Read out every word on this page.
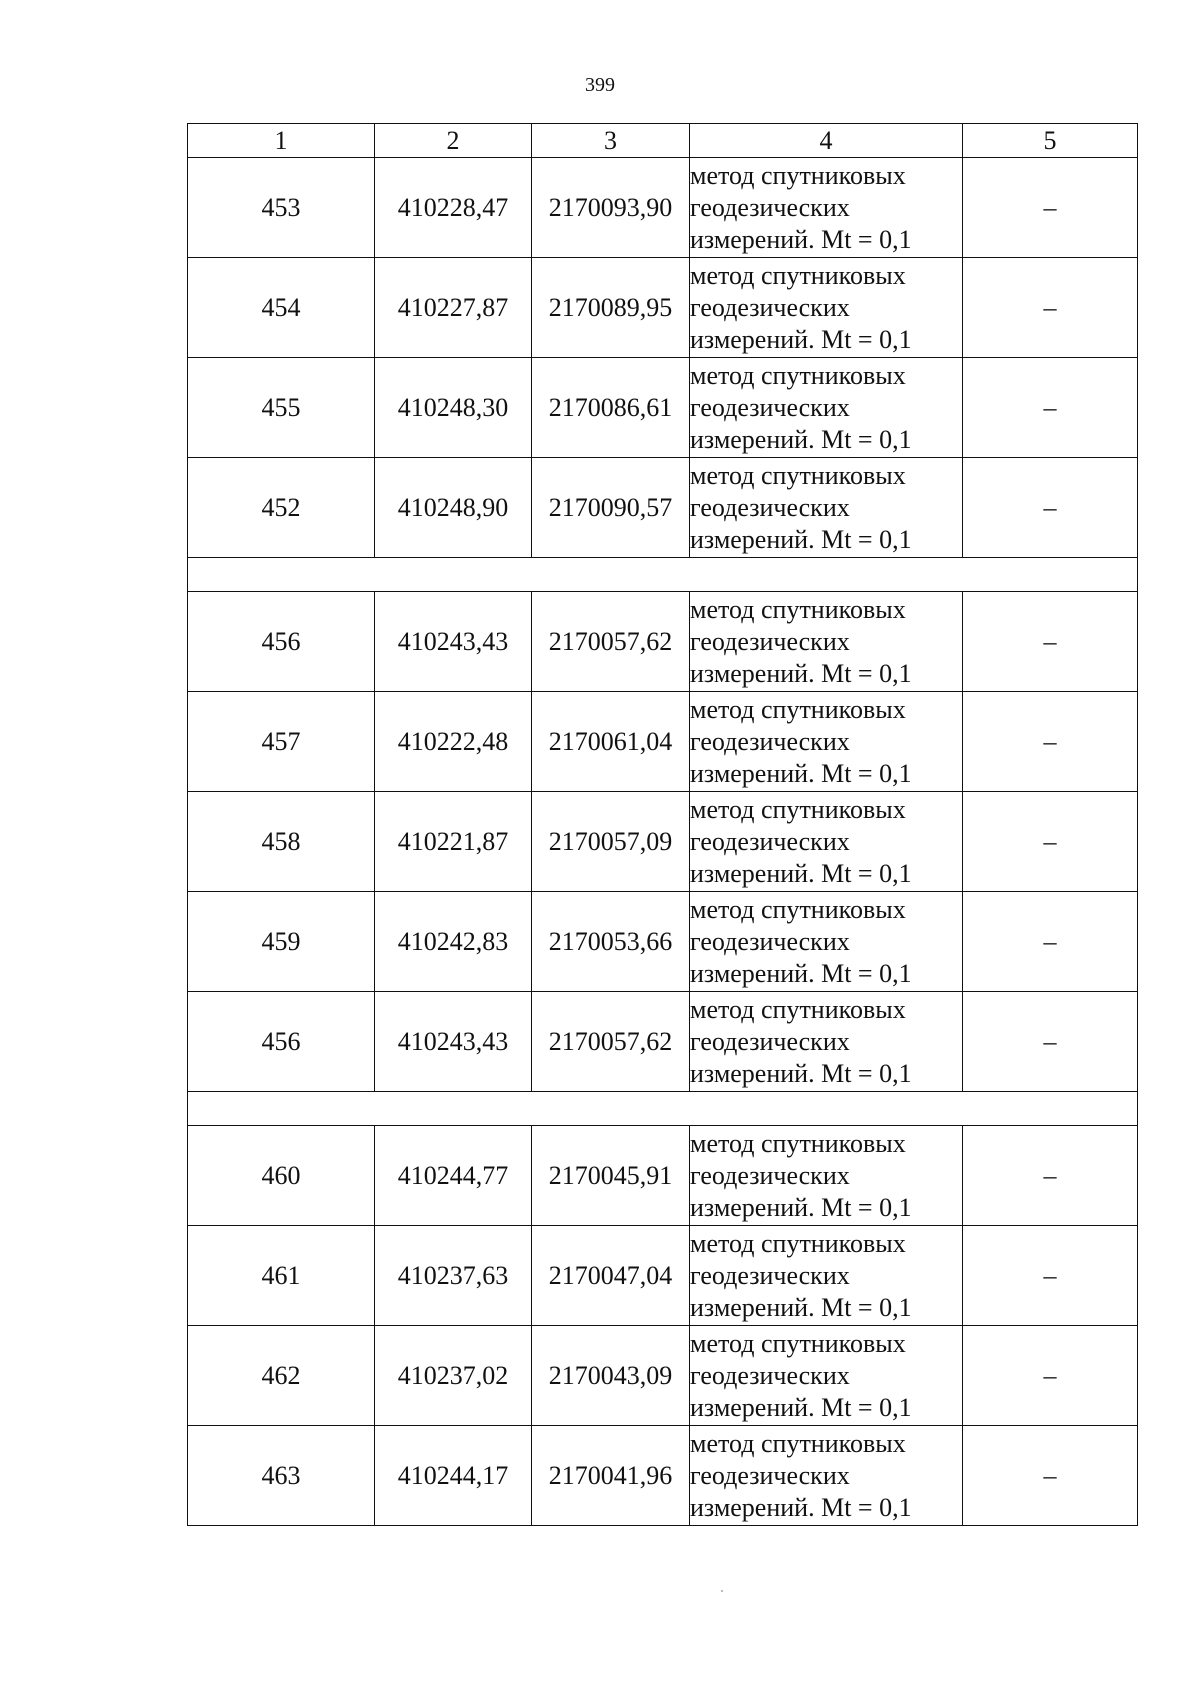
399
1	2	3	4	5
453	410228,47	2170093,90	метод спутниковых
геодезических
измерений. Mt = 0,1	–
454	410227,87	2170089,95	метод спутниковых
геодезических
измерений. Mt = 0,1	–
455	410248,30	2170086,61	метод спутниковых
геодезических
измерений. Mt = 0,1	–
452	410248,90	2170090,57	метод спутниковых
геодезических
измерений. Mt = 0,1	–

456	410243,43	2170057,62	метод спутниковых
геодезических
измерений. Mt = 0,1	–
457	410222,48	2170061,04	метод спутниковых
геодезических
измерений. Mt = 0,1	–
458	410221,87	2170057,09	метод спутниковых
геодезических
измерений. Mt = 0,1	–
459	410242,83	2170053,66	метод спутниковых
геодезических
измерений. Mt = 0,1	–
456	410243,43	2170057,62	метод спутниковых
геодезических
измерений. Mt = 0,1	–

460	410244,77	2170045,91	метод спутниковых
геодезических
измерений. Mt = 0,1	–
461	410237,63	2170047,04	метод спутниковых
геодезических
измерений. Mt = 0,1	–
462	410237,02	2170043,09	метод спутниковых
геодезических
измерений. Mt = 0,1	–
463	410244,17	2170041,96	метод спутниковых
геодезических
измерений. Mt = 0,1	–
